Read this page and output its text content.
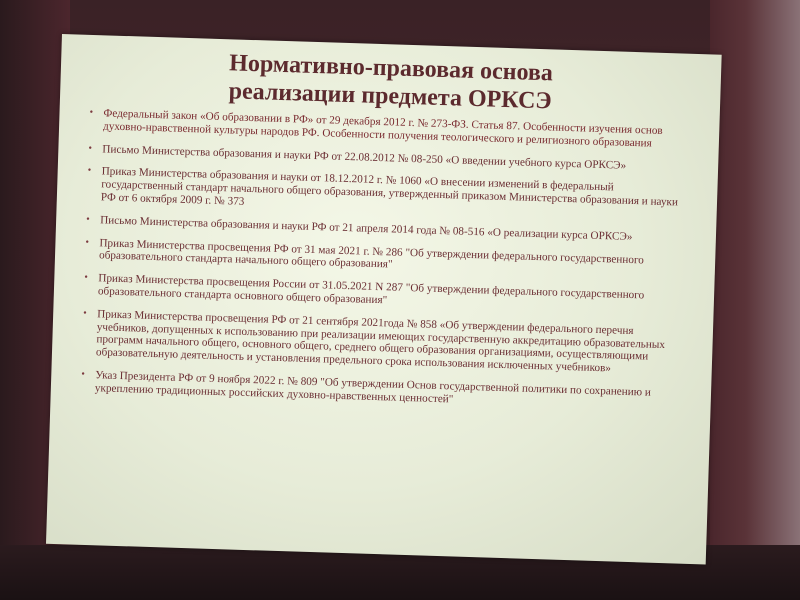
Нормативно-правовая основа
реализации предмета ОРКСЭ
• Федеральный закон «Об образовании в РФ» от 29 декабря 2012 г. № 273-ФЗ. Статья 87. Особенности изучения основ духовно-нравственной культуры народов РФ. Особенности получения теологического и религиозного образования
• Письмо Министерства образования и науки РФ от 22.08.2012 № 08-250 «О введении учебного курса ОРКСЭ»
• Приказ Министерства образования и науки от 18.12.2012 г. № 1060 «О внесении изменений в федеральный государственный стандарт начального общего образования, утвержденный приказом Министерства образования и науки РФ от 6 октября 2009 г. № 373
• Письмо Министерства образования и науки РФ от 21 апреля 2014 года № 08-516 «О реализации курса ОРКСЭ»
• Приказ Министерства просвещения РФ от 31 мая 2021 г. № 286 "Об утверждении федерального государственного образовательного стандарта начального общего образования"
• Приказ Министерства просвещения России от 31.05.2021 N 287 "Об утверждении федерального государственного образовательного стандарта основного общего образования"
• Приказ Министерства просвещения РФ от 21 сентября 2021года № 858 «Об утверждении федерального перечня учебников, допущенных к использованию при реализации имеющих государственную аккредитацию образовательных программ начального общего, основного общего, среднего общего образования организациями, осуществляющими образовательную деятельность и установления предельного срока использования исключенных учебников»
• Указ Президента РФ от 9 ноября 2022 г. № 809 "Об утверждении Основ государственной политики по сохранению и укреплению традиционных российских духовно-нравственных ценностей"
